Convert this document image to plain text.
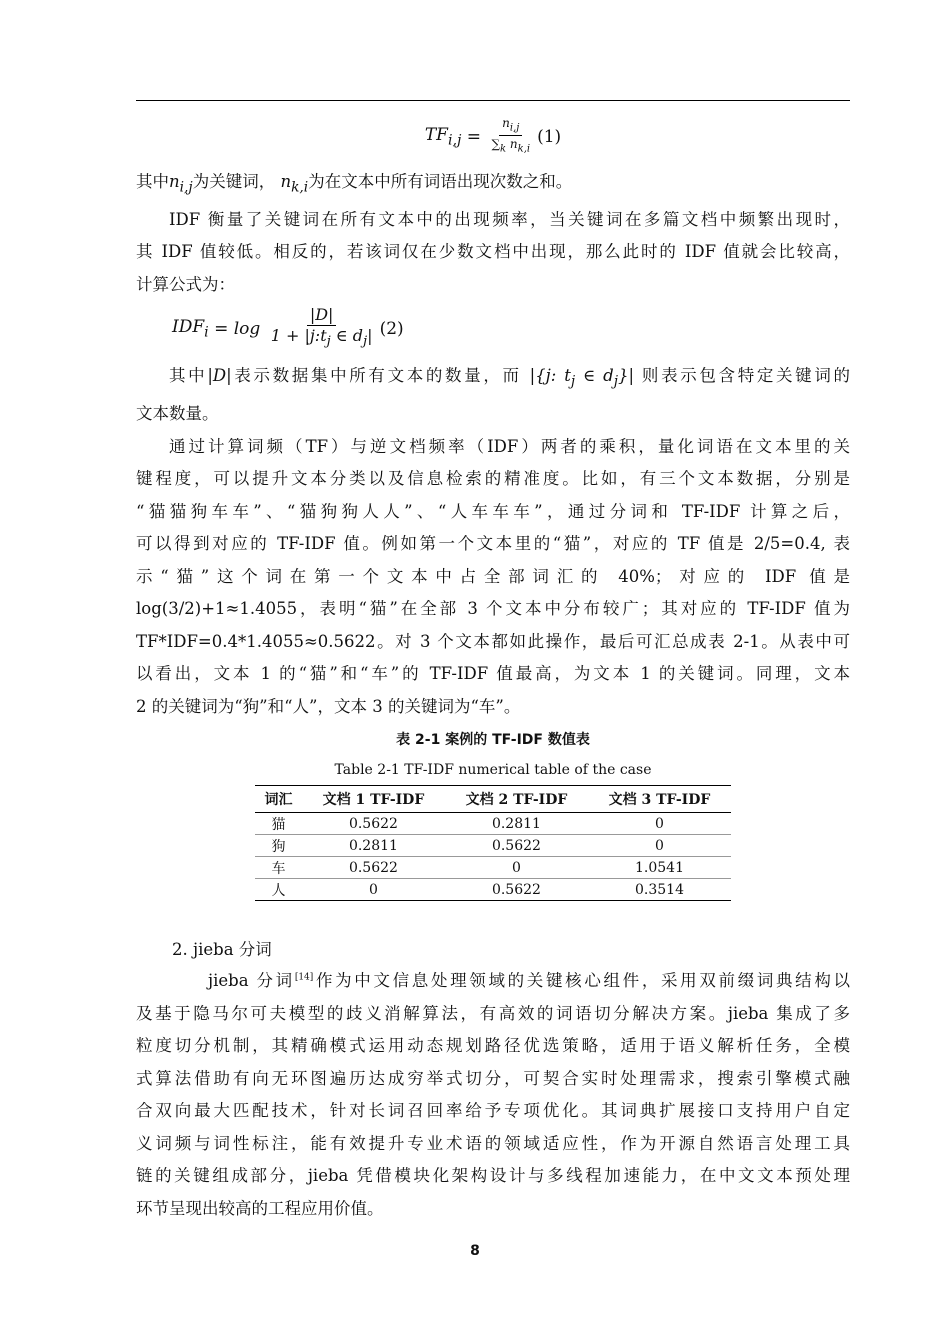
$TF_{i,j}$
=
$\frac{n_{i,j}}{\sum_k n_{k,i}} (1)$

其中$n_{i,j}$为关键词， $n_{k,i}$为在文本中所有词语出现次数之和。

IDF 衡量了关键词在所有文本中的出现频率，当关键词在多篇文档中频繁出现时，

其 IDF 值较低。相反的，若该词仅在少数文档中出现，那么此时的 IDF 值就会比较高，

计算公式为：

$IDF_i$
= log
$\frac{|D|}{1 + |j:t_j \in d_j|} (2)$

其中|D|表示数据集中所有文本的数量，而 |{j: $t_j$ ∈ $d_j\}|$ 则表示包含特定关键词的

文本数量。

通过计算词频（TF）与逆文档频率（IDF）两者的乘积，量化词语在文本里的关

键程度，可以提升文本分类以及信息检索的精准度。比如，有三个文本数据，分别是

“猫猫狗车车”、“猫狗狗人人”、“人车车车”，通过分词和 TF-IDF 计算之后，

可以得到对应的 TF-IDF 值。例如第一个文本里的“猫”，对应的 TF 值是 2/5=0.4, 表

示“猫”这个词在第一个文本中占全部词汇的 40%；对应的 IDF 值是

log(3/2)+1≈1.4055，表明“猫”在全部 3 个文本中分布较广；其对应的 TF-IDF 值为

TF*IDF=0.4*1.4055≈0.5622。对 3 个文本都如此操作，最后可汇总成表 2-1。从表中可

以看出，文本 1 的“猫”和“车”的 TF-IDF 值最高，为文本 1 的关键词。同理，文本

2 的关键词为“狗”和“人”，文本 3 的关键词为“车”。

表 2-1 案例的 TF-IDF 数值表
Table 2-1 TF-IDF numerical table of the case
词汇	文档 1 TF-IDF	文档 2 TF-IDF	文档 3 TF-IDF
猫	0.5622	0.2811	0
狗	0.2811	0.5622	0
车	0.5622	0	1.0541
人	0	0.5622	0.3514
2. jieba 分词

jieba 分词[14]作为中文信息处理领域的关键核心组件，采用双前缀词典结构以

及基于隐马尔可夫模型的歧义消解算法，有高效的词语切分解决方案。jieba 集成了多

粒度切分机制，其精确模式运用动态规划路径优选策略，适用于语义解析任务，全模

式算法借助有向无环图遍历达成穷举式切分，可契合实时处理需求，搜索引擎模式融

合双向最大匹配技术，针对长词召回率给予专项优化。其词典扩展接口支持用户自定

义词频与词性标注，能有效提升专业术语的领域适应性，作为开源自然语言处理工具

链的关键组成部分，jieba 凭借模块化架构设计与多线程加速能力，在中文文本预处理

环节呈现出较高的工程应用价值。

8
